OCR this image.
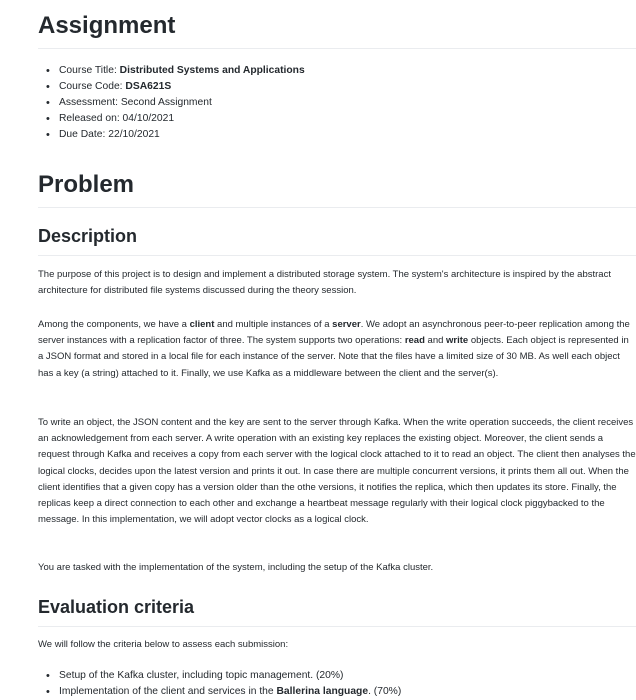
Assignment
• Course Title: Distributed Systems and Applications
• Course Code: DSA621S
• Assessment: Second Assignment
• Released on: 04/10/2021
• Due Date: 22/10/2021
Problem
Description

The purpose of this project is to design and implement a distributed storage system. The system's architecture is inspired by the abstract architecture for distributed file systems discussed during the theory session.

Among the components, we have a client and multiple instances of a server. We adopt an asynchronous peer-to-peer replication among the server instances with a replication factor of three. The system supports two operations: read and write objects. Each object is represented in a JSON format and stored in a local file for each instance of the server. Note that the files have a limited size of 30 MB. As well each object has a key (a string) attached to it. Finally, we use Kafka as a middleware between the client and the server(s).

To write an object, the JSON content and the key are sent to the server through Kafka. When the write operation succeeds, the client receives an acknowledgement from each server. A write operation with an existing key replaces the existing object. Moreover, the client sends a request through Kafka and receives a copy from each server with the logical clock attached to it to read an object. The client then analyses the logical clocks, decides upon the latest version and prints it out. In case there are multiple concurrent versions, it prints them all out. When the client identifies that a given copy has a version older than the othe versions, it notifies the replica, which then updates its store. Finally, the replicas keep a direct connection to each other and exchange a heartbeat message regularly with their logical clock piggybacked to the message. In this implementation, we will adopt vector clocks as a logical clock.

You are tasked with the implementation of the system, including the setup of the Kafka cluster.

Evaluation criteria

We will follow the criteria below to assess each submission:

• Setup of the Kafka cluster, including topic management. (20%)
• Implementation of the client and services in the Ballerina language. (70%)
